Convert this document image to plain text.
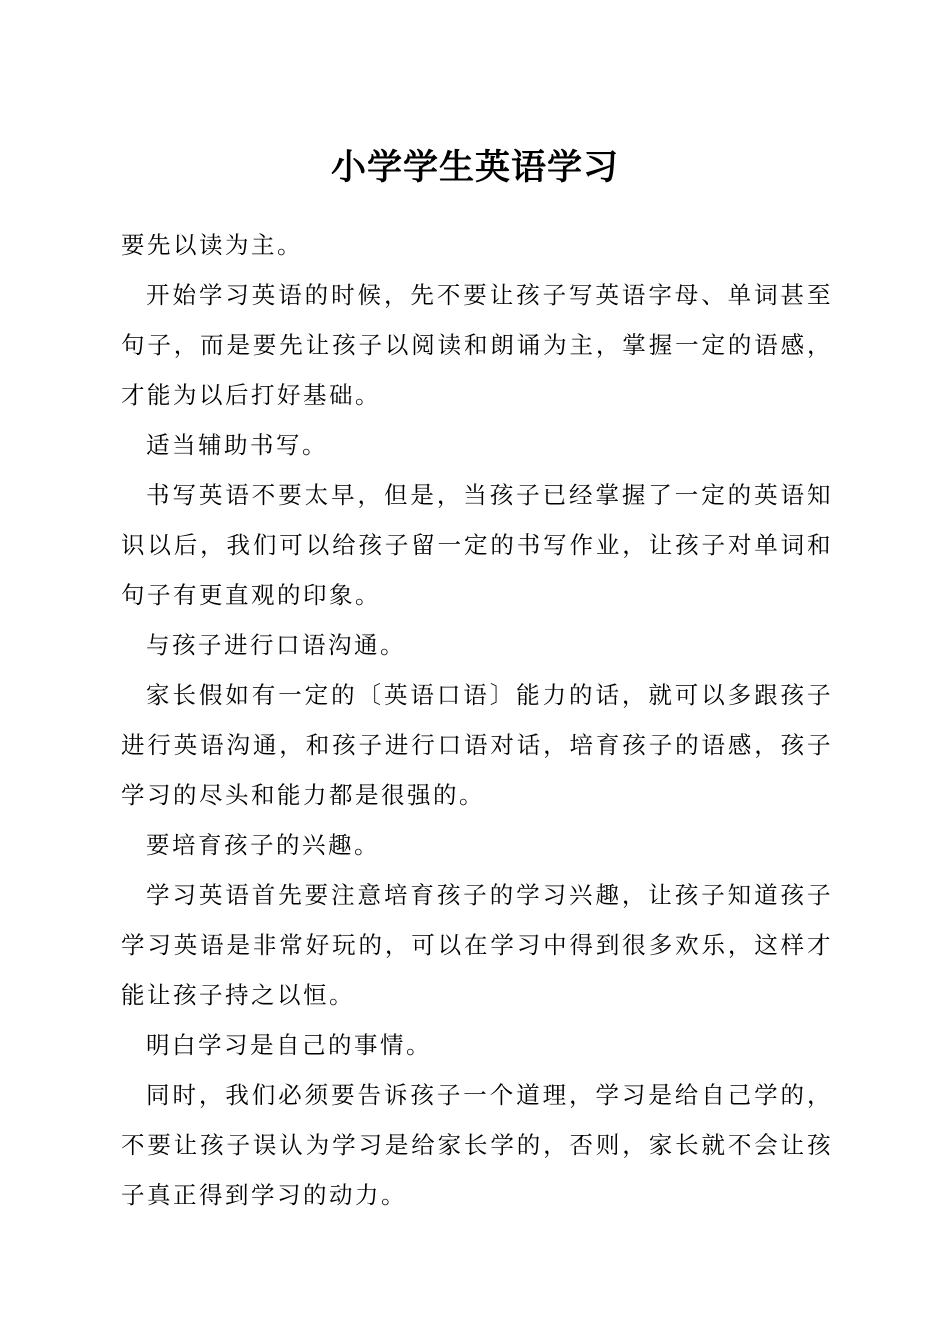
小学学生英语学习

要先以读为主。

开始学习英语的时候，先不要让孩子写英语字母、单词甚至句子，而是要先让孩子以阅读和朗诵为主，掌握一定的语感，才能为以后打好基础。

适当辅助书写。

书写英语不要太早，但是，当孩子已经掌握了一定的英语知识以后，我们可以给孩子留一定的书写作业，让孩子对单词和句子有更直观的印象。

与孩子进行口语沟通。

家长假如有一定的〔英语口语〕能力的话，就可以多跟孩子进行英语沟通，和孩子进行口语对话，培育孩子的语感，孩子学习的尽头和能力都是很强的。

要培育孩子的兴趣。

学习英语首先要注意培育孩子的学习兴趣，让孩子知道孩子学习英语是非常好玩的，可以在学习中得到很多欢乐，这样才能让孩子持之以恒。

明白学习是自己的事情。

同时，我们必须要告诉孩子一个道理，学习是给自己学的，不要让孩子误认为学习是给家长学的，否则，家长就不会让孩子真正得到学习的动力。
